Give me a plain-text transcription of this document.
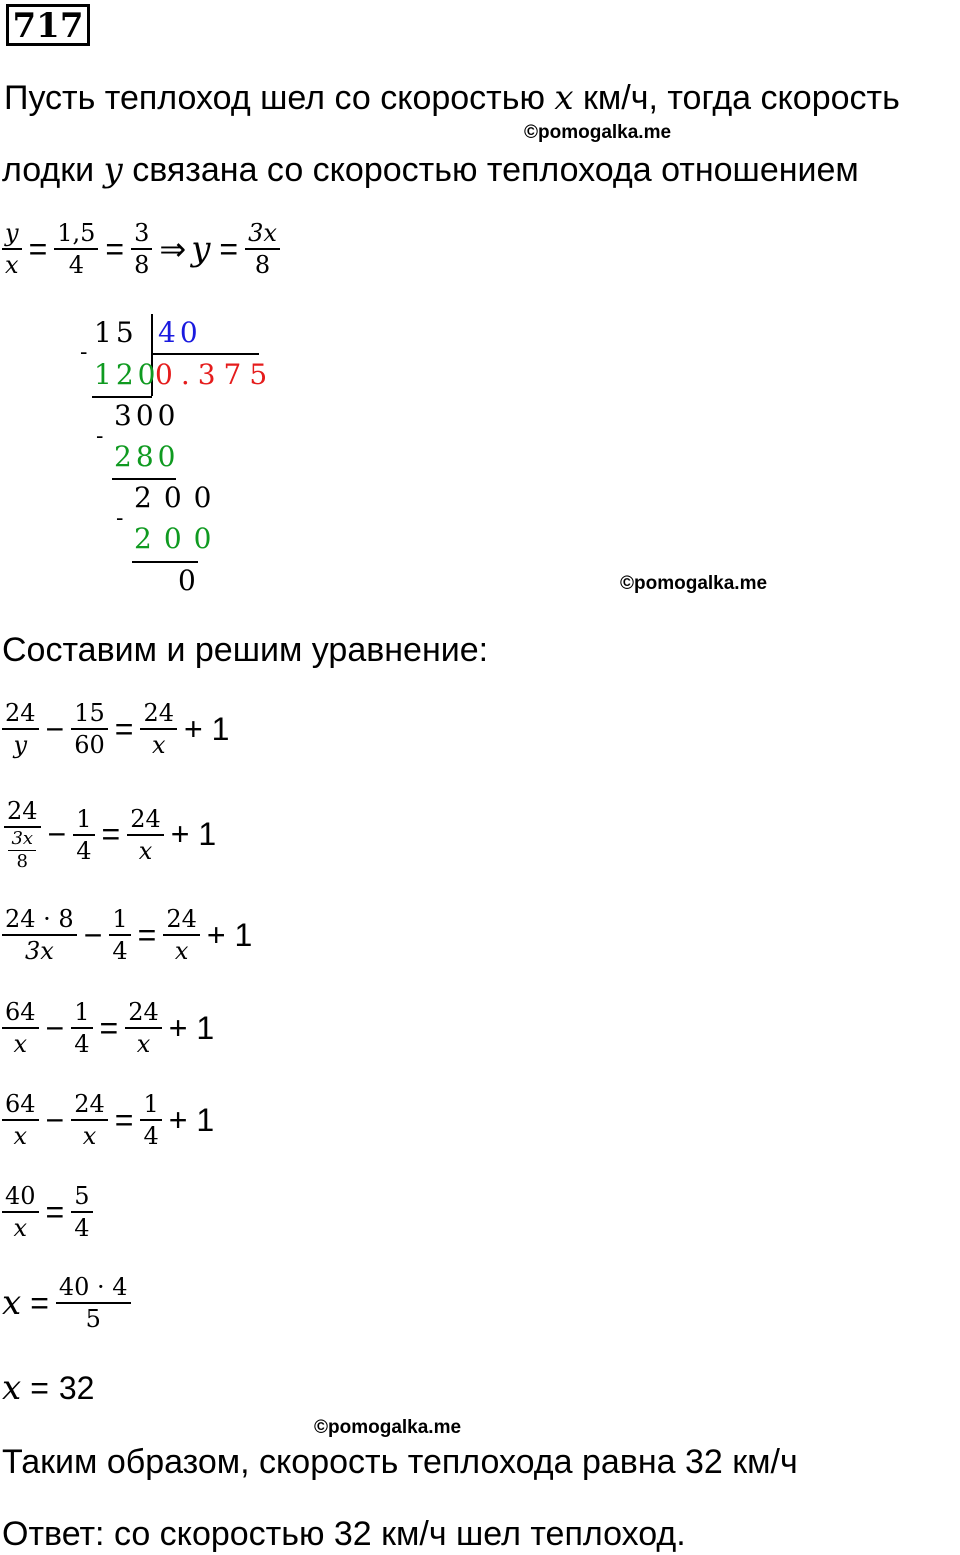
717
Пусть теплоход шел со скоростью x км/ч, тогда скорость
©pomogalka.me
лодки y связана со скоростью теплохода отношением
$\frac{y}{x} = \frac{1,5}{4} = \frac{3}{8}$ ⇒ $y = \frac{3x}{8}$
15 40
-
120
0.375
300
-
280
200
-
200
0	©pomogalka.me
Составим и решим уравнение:
$\frac{24}{y} - \frac{15}{60} = \frac{24}{x} + 1$
$\frac{24}{\frac{3x}{8}} - \frac{1}{4} = \frac{24}{x} + 1$
$\frac{24 \cdot 8}{3x} - \frac{1}{4} = \frac{24}{x} + 1$
$\frac{64}{x} - \frac{1}{4} = \frac{24}{x} + 1$
$\frac{64}{x} - \frac{24}{x} = \frac{1}{4} + 1$
$\frac{40}{x} = \frac{5}{4}$
$x = \frac{40 \cdot 4}{5}$
x = 32
©pomogalka.me
Таким образом, скорость теплохода равна 32 км/ч
Ответ: со скоростью 32 км/ч шел теплоход.
